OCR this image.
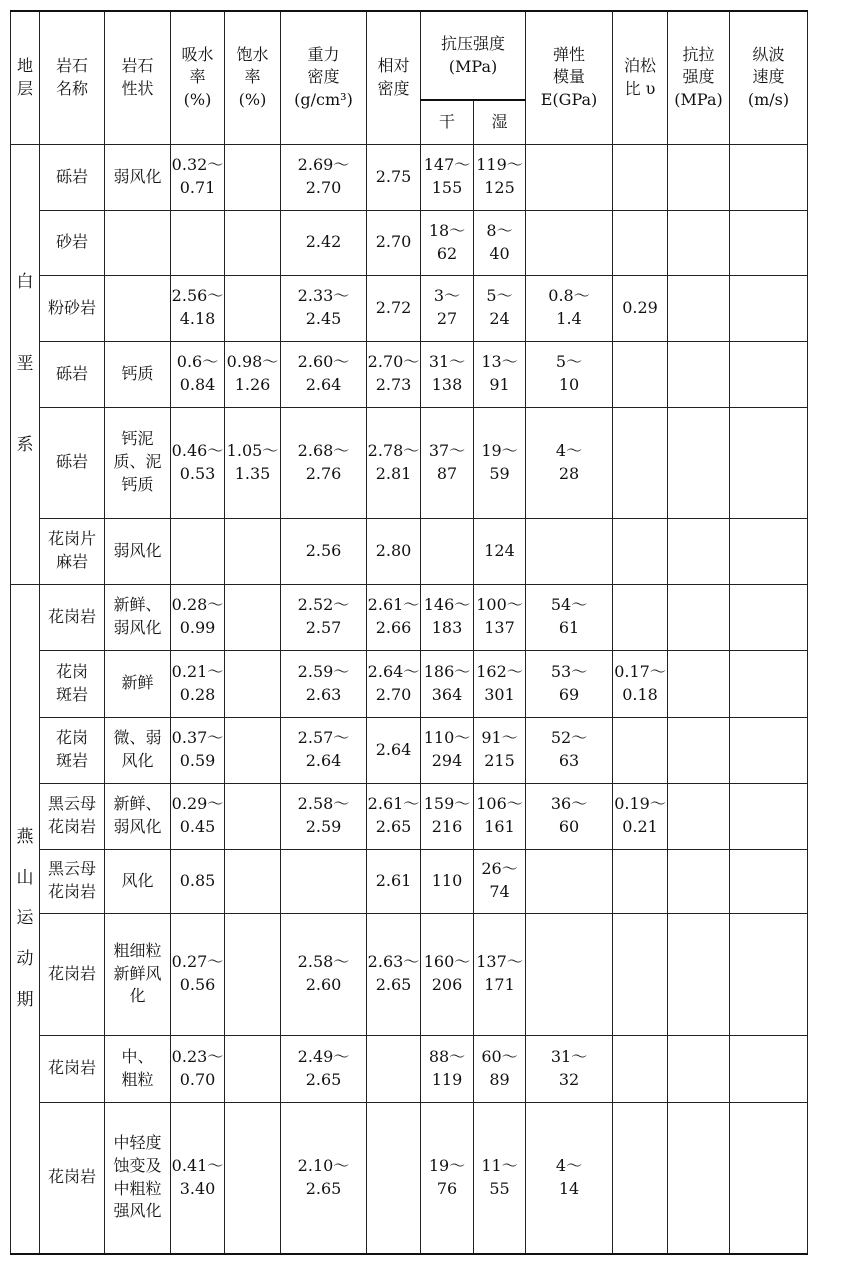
地
层	岩石
名称	岩石
性状	吸水
率
(%)	饱水
率
(%)	重力
密度
(g/cm³)	相对
密度	抗压强度
(MPa)		弹性
模量
E(GPa)	泊松
比 υ	抗拉
强度
(MPa)	纵波
速度
(m/s)

							干	湿				

白

垩

系	砾岩	弱风化	0.32～
0.71		2.69～
2.70	2.75	147～
155	119～
125				

	砂岩				2.42	2.70	18～
62	8～
40				

	粉砂岩		2.56～
4.18		2.33～
2.45	2.72	3～
27	5～
24	0.8～
1.4	0.29		

	砾岩	钙质	0.6～
0.84	0.98～
1.26	2.60～
2.64	2.70～
2.73	31～
138	13～
91	5～
10			

	砾岩	钙泥
质、泥
钙质	0.46～
0.53	1.05～
1.35	2.68～
2.76	2.78～
2.81	37～
87	19～
59	4～
28			

	花岗片
麻岩	弱风化			2.56	2.80		124				

燕
山
运
动
期	花岗岩	新鲜、
弱风化	0.28～
0.99		2.52～
2.57	2.61～
2.66	146～
183	100～
137	54～
61			

	花岗
斑岩	新鲜	0.21～
0.28		2.59～
2.63	2.64～
2.70	186～
364	162～
301	53～
69	0.17～
0.18		

	花岗
斑岩	微、弱
风化	0.37～
0.59		2.57～
2.64	2.64	110～
294	91～
215	52～
63			

	黑云母
花岗岩	新鲜、
弱风化	0.29～
0.45		2.58～
2.59	2.61～
2.65	159～
216	106～
161	36～
60	0.19～
0.21		

	黑云母
花岗岩	风化	0.85			2.61	110	26～
74				

	花岗岩	粗细粒
新鲜风
化	0.27～
0.56		2.58～
2.60	2.63～
2.65	160～
206	137～
171				

	花岗岩	中、
粗粒	0.23～
0.70		2.49～
2.65		88～
119	60～
89	31～
32			

	花岗岩	中轻度
蚀变及
中粗粒
强风化	0.41～
3.40		2.10～
2.65		19～
76	11～
55	4～
14			
